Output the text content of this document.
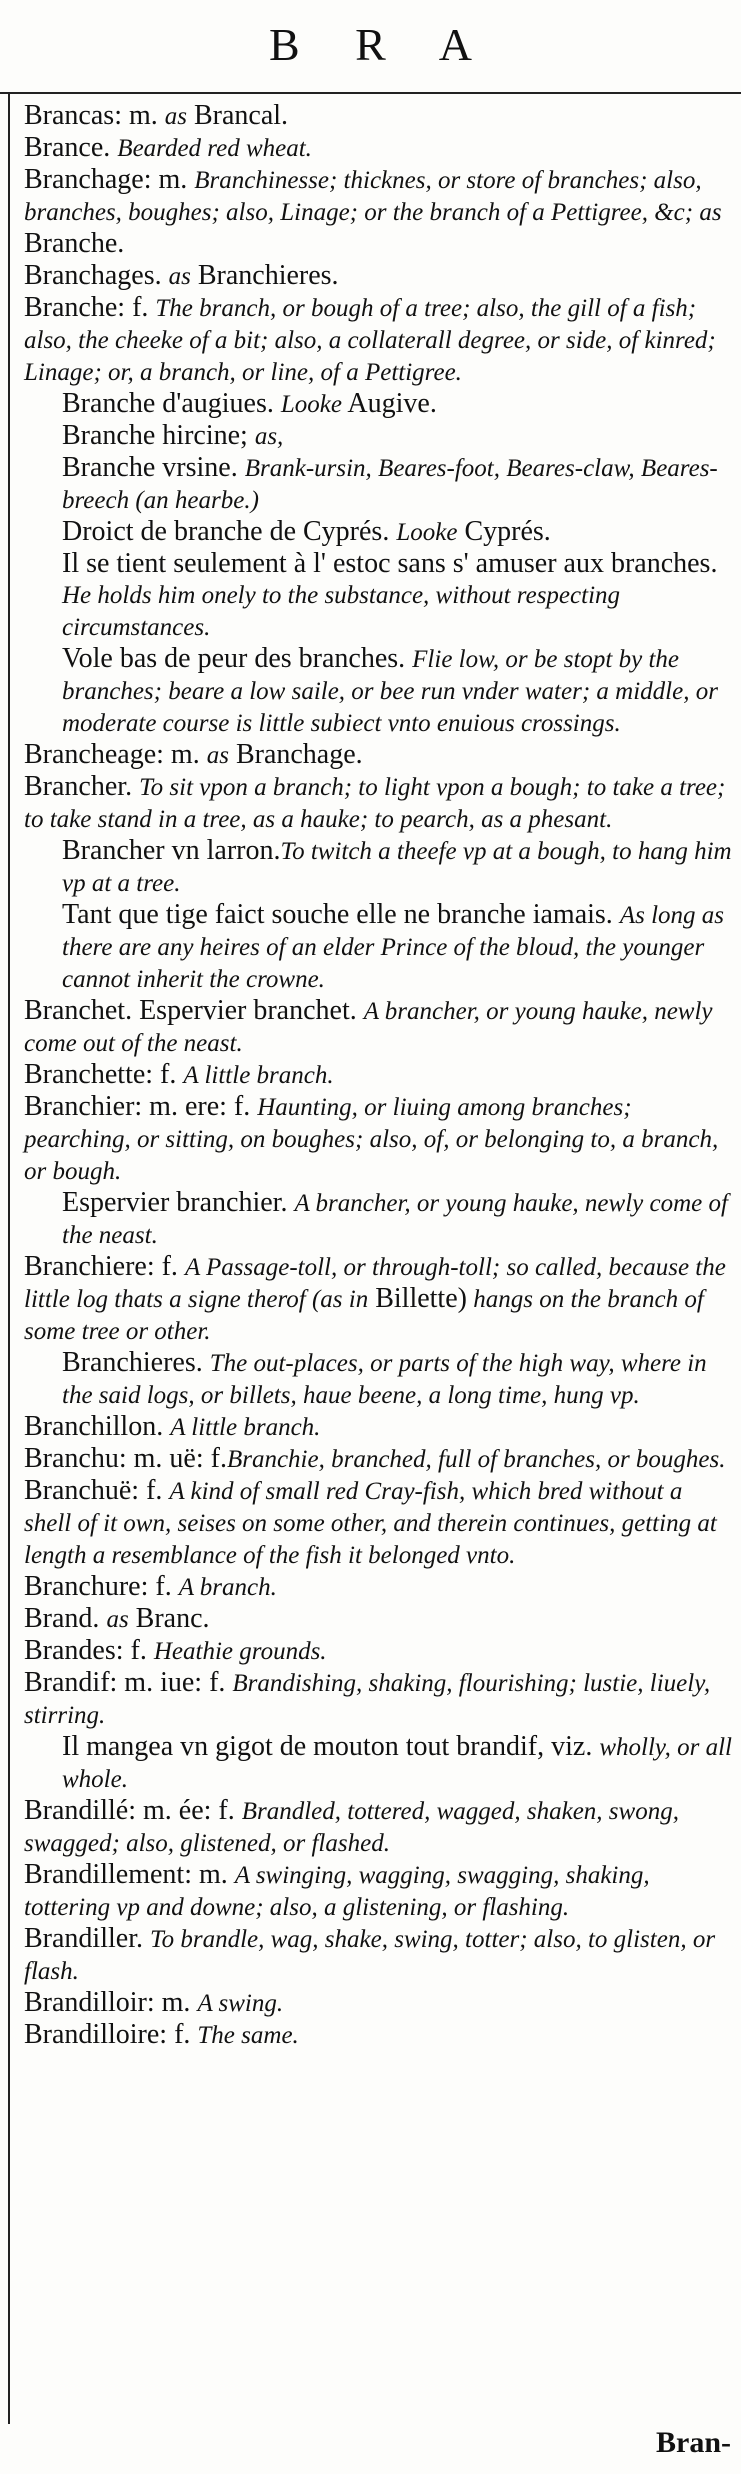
B R A
Brancas: m. as Brancal.
Brance. Bearded red wheat.
Branchage: m. Branchinesse; thicknes, or store of branches; also, branches, boughes; also, Linage; or the branch of a Pettigree, &c; as Branche.
Branchages. as Branchieres.
Branche: f. The branch, or bough of a tree; also, the gill of a fish; also, the cheeke of a bit; also, a collaterall degree, or side, of kinred; Linage; or, a branch, or line, of a Pettigree.
Branche d'augiues. Looke Augive.
Branche hircine; as,
Branche vrsine. Brank-ursin, Beares-foot, Beares-claw, Beares-breech (an hearbe.)
Droict de branche de Cyprés. Looke Cyprés.
Il se tient seulement à l' estoc sans s' amuser aux branches. He holds him onely to the substance, without respecting circumstances.
Vole bas de peur des branches. Flie low, or be stopt by the branches; beare a low saile, or bee run vnder water; a middle, or moderate course is little subiect vnto enuious crossings.
Brancheage: m. as Branchage.
Brancher. To sit vpon a branch; to light vpon a bough; to take a tree; to take stand in a tree, as a hauke; to pearch, as a phesant.
Brancher vn larron.To twitch a theefe vp at a bough, to hang him vp at a tree.
Tant que tige faict souche elle ne branche iamais. As long as there are any heires of an elder Prince of the bloud, the younger cannot inherit the crowne.
Branchet. Espervier branchet. A brancher, or young hauke, newly come out of the neast.
Branchette: f. A little branch.
Branchier: m. ere: f. Haunting, or liuing among branches; pearching, or sitting, on boughes; also, of, or belonging to, a branch, or bough.
Espervier branchier. A brancher, or young hauke, newly come of the neast.
Branchiere: f. A Passage-toll, or through-toll; so called, because the little log thats a signe therof (as in Billette) hangs on the branch of some tree or other.
Branchieres. The out-places, or parts of the high way, where in the said logs, or billets, haue beene, a long time, hung vp.
Branchillon. A little branch.
Branchu: m. uë: f.Branchie, branched, full of branches, or boughes.
Branchuë: f. A kind of small red Cray-fish, which bred without a shell of it own, seises on some other, and therein continues, getting at length a resemblance of the fish it belonged vnto.
Branchure: f. A branch.
Brand. as Branc.
Brandes: f. Heathie grounds.
Brandif: m. iue: f. Brandishing, shaking, flourishing; lustie, liuely, stirring.
Il mangea vn gigot de mouton tout brandif, viz. wholly, or all whole.
Brandillé: m. ée: f. Brandled, tottered, wagged, shaken, swong, swagged; also, glistened, or flashed.
Brandillement: m. A swinging, wagging, swagging, shaking, tottering vp and downe; also, a glistening, or flashing.
Brandiller. To brandle, wag, shake, swing, totter; also, to glisten, or flash.
Brandilloir: m. A swing.
Brandilloire: f. The same.
Bran-
